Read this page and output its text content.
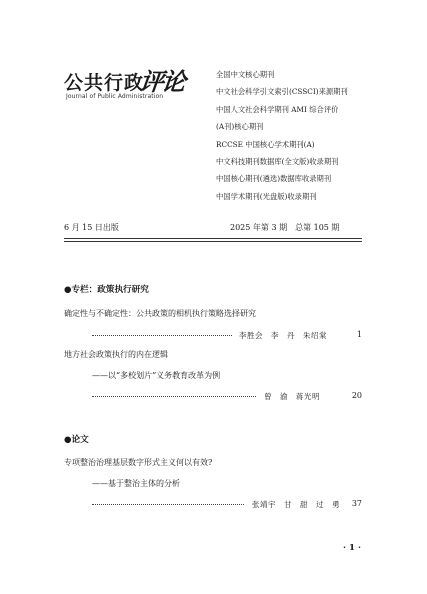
公共行政
评论
Journal of Public Administration
全国中文核心期刊
中文社会科学引文索引(CSSCI)来源期刊
中国人文社会科学期刊 AMI 综合评价
(A刊)核心期刊
RCCSE 中国核心学术期刊(A)
中文科技期刊数据库(全文版)收录期刊
中国核心期刊(遴选)数据库收录期刊
中国学术期刊(光盘版)收录期刊
6 月 15 日出版	2025 年第 3 期　总第 105 期
●专栏：政策执行研究
确定性与不确定性：公共政策的相机执行策略选择研究
李胜会　李　丹　朱绍棠	1
地方社会政策执行的内在逻辑
——以“多校划片”义务教育改革为例
曾　渝　蒋光明	20
●论文
专项整治治理基层数字形式主义何以有效?
——基于整治主体的分析
张靖宇　甘　甜　过　勇 37
· 1 ·
